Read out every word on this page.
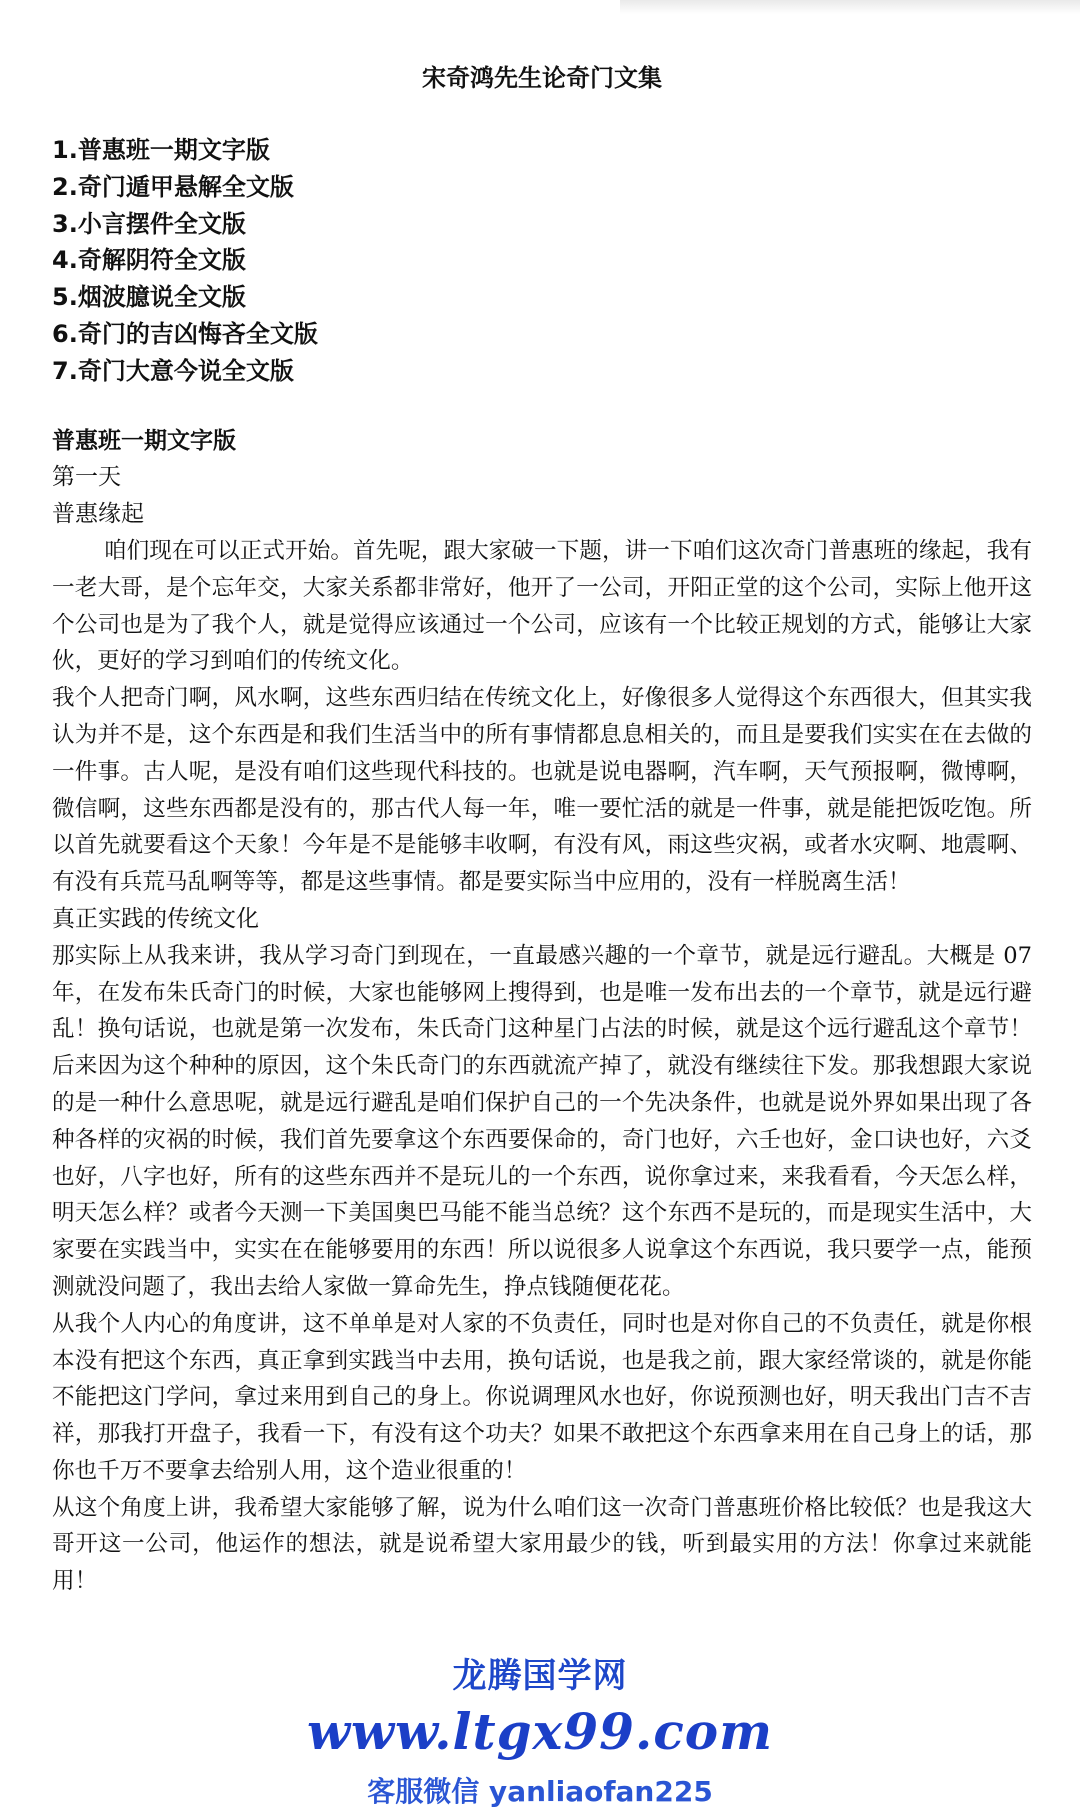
宋奇鸿先生论奇门文集
1.普惠班一期文字版
2.奇门遁甲悬解全文版
3.小言摆件全文版
4.奇解阴符全文版
5.烟波臆说全文版
6.奇门的吉凶悔吝全文版
7.奇门大意今说全文版
普惠班一期文字版
第一天
普惠缘起

咱们现在可以正式开始。首先呢，跟大家破一下题，讲一下咱们这次奇门普惠班的缘起，我有一老大哥，是个忘年交，大家关系都非常好，他开了一公司，开阳正堂的这个公司，实际上他开这个公司也是为了我个人，就是觉得应该通过一个公司，应该有一个比较正规划的方式，能够让大家伙，更好的学习到咱们的传统文化。

我个人把奇门啊，风水啊，这些东西归结在传统文化上，好像很多人觉得这个东西很大，但其实我认为并不是，这个东西是和我们生活当中的所有事情都息息相关的，而且是要我们实实在在去做的一件事。古人呢，是没有咱们这些现代科技的。也就是说电器啊，汽车啊，天气预报啊，微博啊，微信啊，这些东西都是没有的，那古代人每一年，唯一要忙活的就是一件事，就是能把饭吃饱。所以首先就要看这个天象！今年是不是能够丰收啊，有没有风，雨这些灾祸，或者水灾啊、地震啊、有没有兵荒马乱啊等等，都是这些事情。都是要实际当中应用的，没有一样脱离生活！

真正实践的传统文化

那实际上从我来讲，我从学习奇门到现在，一直最感兴趣的一个章节，就是远行避乱。大概是 07 年，在发布朱氏奇门的时候，大家也能够网上搜得到，也是唯一发布出去的一个章节，就是远行避乱！换句话说，也就是第一次发布，朱氏奇门这种星门占法的时候，就是这个远行避乱这个章节！后来因为这个种种的原因，这个朱氏奇门的东西就流产掉了，就没有继续往下发。那我想跟大家说的是一种什么意思呢，就是远行避乱是咱们保护自己的一个先决条件，也就是说外界如果出现了各种各样的灾祸的时候，我们首先要拿这个东西要保命的，奇门也好，六壬也好，金口诀也好，六爻也好，八字也好，所有的这些东西并不是玩儿的一个东西，说你拿过来，来我看看，今天怎么样，明天怎么样？或者今天测一下美国奥巴马能不能当总统？这个东西不是玩的，而是现实生活中，大家要在实践当中，实实在在能够要用的东西！所以说很多人说拿这个东西说，我只要学一点，能预测就没问题了，我出去给人家做一算命先生，挣点钱随便花花。

从我个人内心的角度讲，这不单单是对人家的不负责任，同时也是对你自己的不负责任，就是你根本没有把这个东西，真正拿到实践当中去用，换句话说，也是我之前，跟大家经常谈的，就是你能不能把这门学问，拿过来用到自己的身上。你说调理风水也好，你说预测也好，明天我出门吉不吉祥，那我打开盘子，我看一下，有没有这个功夫？如果不敢把这个东西拿来用在自己身上的话，那你也千万不要拿去给别人用，这个造业很重的！

从这个角度上讲，我希望大家能够了解，说为什么咱们这一次奇门普惠班价格比较低？也是我这大哥开这一公司，他运作的想法，就是说希望大家用最少的钱，听到最实用的方法！你拿过来就能用！

龙腾国学网
www.ltgx99.com
客服微信 yanliaofan225
